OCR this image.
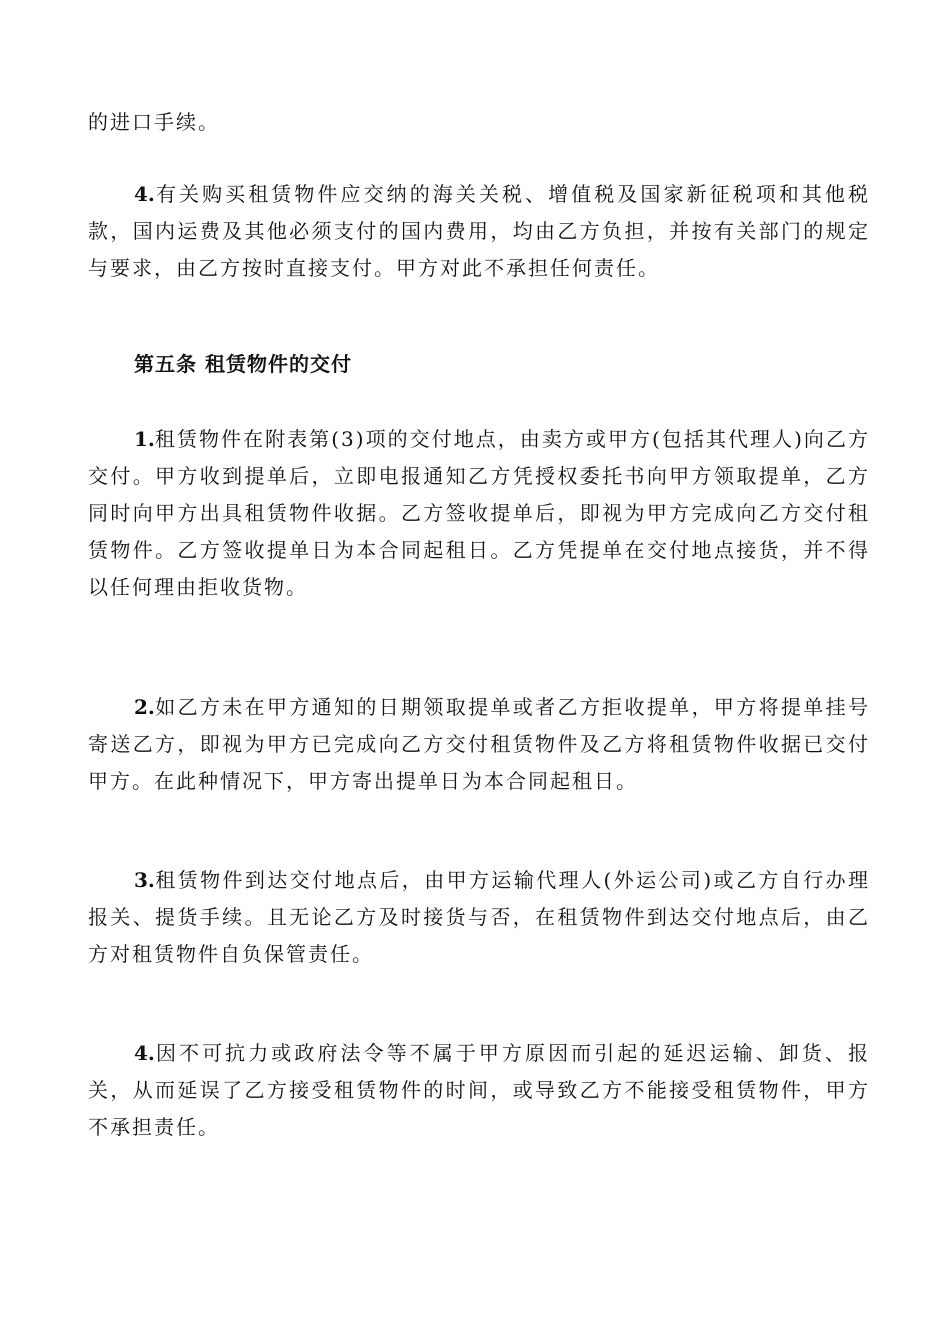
的进口手续。

4.有关购买租赁物件应交纳的海关关税、增值税及国家新征税项和其他税款，国内运费及其他必须支付的国内费用，均由乙方负担，并按有关部门的规定与要求，由乙方按时直接支付。甲方对此不承担任何责任。

第五条 租赁物件的交付

1.租赁物件在附表第(3)项的交付地点，由卖方或甲方(包括其代理人)向乙方交付。甲方收到提单后，立即电报通知乙方凭授权委托书向甲方领取提单，乙方同时向甲方出具租赁物件收据。乙方签收提单后，即视为甲方完成向乙方交付租赁物件。乙方签收提单日为本合同起租日。乙方凭提单在交付地点接货，并不得以任何理由拒收货物。

2.如乙方未在甲方通知的日期领取提单或者乙方拒收提单，甲方将提单挂号寄送乙方，即视为甲方已完成向乙方交付租赁物件及乙方将租赁物件收据已交付甲方。在此种情况下，甲方寄出提单日为本合同起租日。

3.租赁物件到达交付地点后，由甲方运输代理人(外运公司)或乙方自行办理报关、提货手续。且无论乙方及时接货与否，在租赁物件到达交付地点后，由乙方对租赁物件自负保管责任。

4.因不可抗力或政府法令等不属于甲方原因而引起的延迟运输、卸货、报关，从而延误了乙方接受租赁物件的时间，或导致乙方不能接受租赁物件，甲方不承担责任。
